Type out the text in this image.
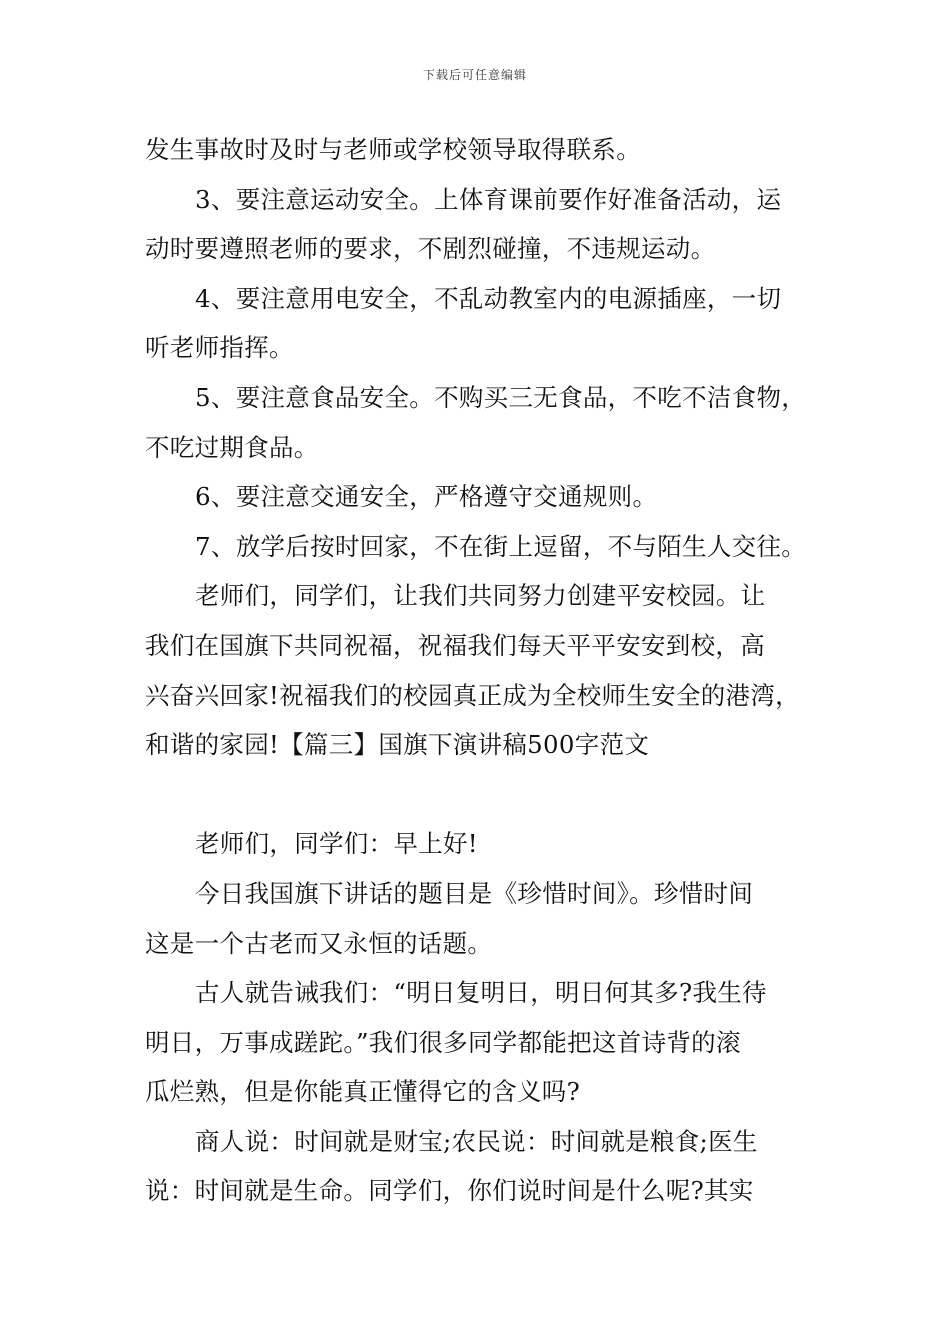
下载后可任意编辑
发生事故时及时与老师或学校领导取得联系。
3、要注意运动安全。上体育课前要作好准备活动，运
动时要遵照老师的要求，不剧烈碰撞，不违规运动。
4、要注意用电安全，不乱动教室内的电源插座，一切
听老师指挥。
5、要注意食品安全。不购买三无食品，不吃不洁食物，
不吃过期食品。
6、要注意交通安全，严格遵守交通规则。
7、放学后按时回家，不在街上逗留，不与陌生人交往。
老师们，同学们，让我们共同努力创建平安校园。让
我们在国旗下共同祝福，祝福我们每天平平安安到校，高
兴奋兴回家!祝福我们的校园真正成为全校师生安全的港湾，
和谐的家园!【篇三】国旗下演讲稿500字范文
老师们，同学们：早上好!
今日我国旗下讲话的题目是《珍惜时间》。珍惜时间
这是一个古老而又永恒的话题。
古人就告诫我们：“明日复明日，明日何其多?我生待
明日，万事成蹉跎。”我们很多同学都能把这首诗背的滚
瓜烂熟，但是你能真正懂得它的含义吗?
商人说：时间就是财宝;农民说：时间就是粮食;医生
说：时间就是生命。同学们，你们说时间是什么呢?其实
